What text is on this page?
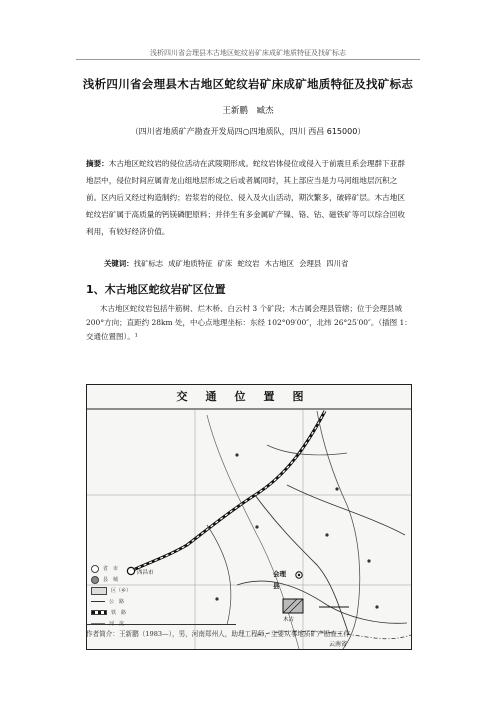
浅析四川省会理县木古地区蛇纹岩矿床成矿地质特征及找矿标志
浅析四川省会理县木古地区蛇纹岩矿床成矿地质特征及找矿标志
王新鹏 臧杰
（四川省地质矿产勘查开发局四○四地质队，四川 西昌 615000）
摘要：木古地区蛇纹岩的侵位活动在武陵期形成。蛇纹岩体侵位或侵入于前震旦系会理群下亚群地层中，侵位时间应属青龙山组地层形成之后或者属同时，其上部应当是力马河组地层沉积之前。区内后又经过构造制约；岩浆岩的侵位、侵入及火山活动，期次繁多，破碎矿层。木古地区蛇纹岩矿属于高质量的钙镁磷肥原料；并伴生有多金属矿产镍、铬、钴、磁铁矿等可以综合回收利用，有较好经济价值。
关键词：找矿标志 成矿地质特征 矿床 蛇纹岩 木古地区 会理县 四川省
1、木古地区蛇纹岩矿区位置
木古地区蛇纹岩包括牛筋树、烂木桥、白云村 3 个矿段；木古属会理县管辖；位于会理县城 200°方向；直距约 28km 处，中心点地理坐标：东经 102°09′00″，北纬 26°25′00″。（插图 1：交通位置图）。¹
交通位置图
西昌市	会理
县
木古
云南省
省　市
县　城
区（乡）
公　路
铁　路
河　流
作者简介：王新鹏（1983—），男，河南郑州人，助理工程师，主要从事地质矿产勘查工作
